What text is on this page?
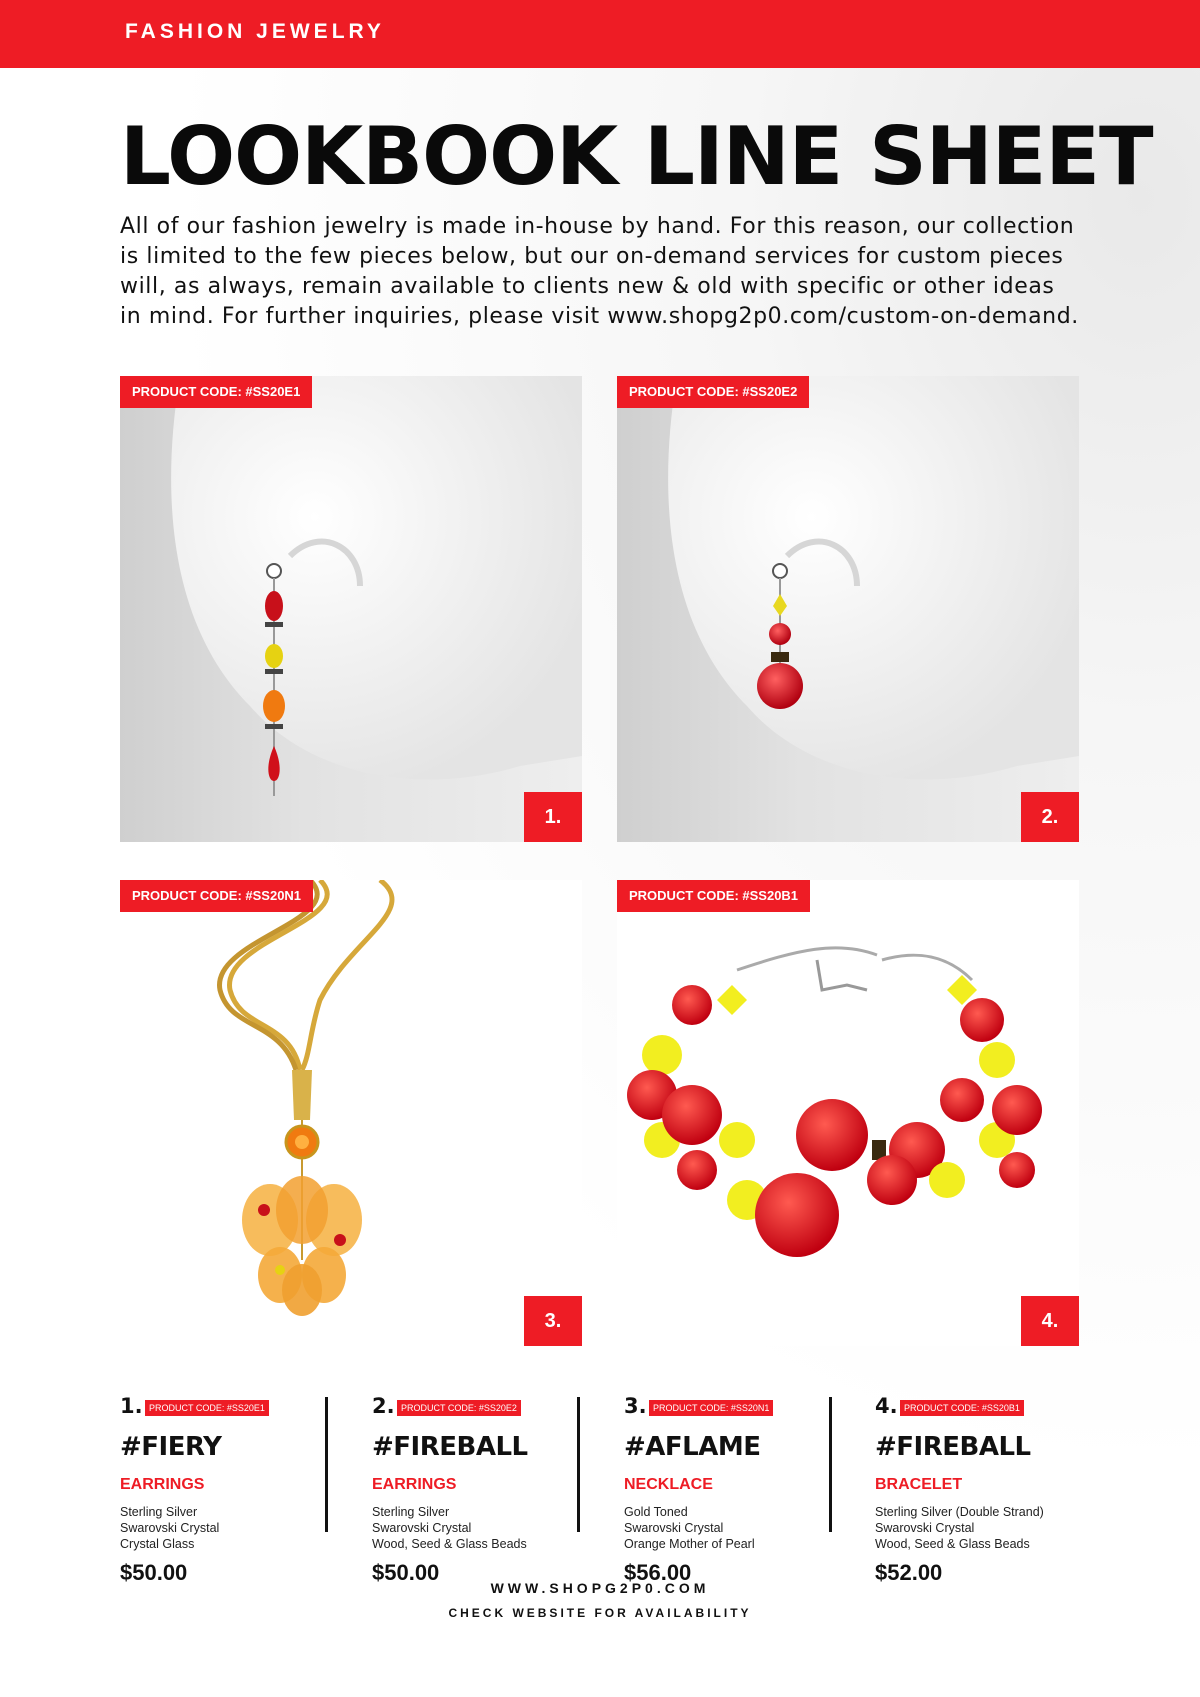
FASHION JEWELRY
LOOKBOOK LINE SHEET
All of our fashion jewelry is made in-house by hand. For this reason, our collection is limited to the few pieces below, but our on-demand services for custom pieces will, as always, remain available to clients new & old with specific or other ideas in mind. For further inquiries, please visit www.shopg2p0.com/custom-on-demand.
PRODUCT CODE: #SS20E1
1.
PRODUCT CODE: #SS20E2
2.
PRODUCT CODE: #SS20N1
3.
PRODUCT CODE: #SS20B1
4.
1. PRODUCT CODE: #SS20E1
#FIERY
EARRINGS
Sterling Silver
Swarovski Crystal
Crystal Glass
$50.00
2. PRODUCT CODE: #SS20E2
#FIREBALL
EARRINGS
Sterling Silver
Swarovski Crystal
Wood, Seed & Glass Beads
$50.00
3. PRODUCT CODE: #SS20N1
#AFLAME
NECKLACE
Gold Toned
Swarovski Crystal
Orange Mother of Pearl
$56.00
4. PRODUCT CODE: #SS20B1
#FIREBALL
BRACELET
Sterling Silver (Double Strand)
Swarovski Crystal
Wood, Seed & Glass Beads
$52.00
WWW.SHOPG2P0.COM
CHECK WEBSITE FOR AVAILABILITY
